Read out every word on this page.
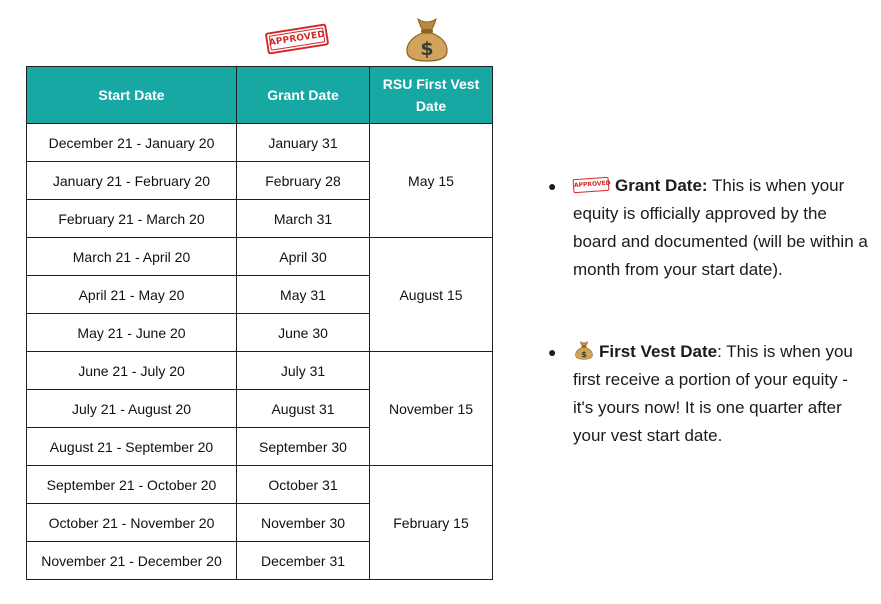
APPROVED	$
Start Date	Grant Date	RSU First Vest Date
December 21 - January 20	January 31	May 15
January 21 - February 20	February 28	
February 21 - March 20	March 31	
March 21 - April 20	April 30	August 15
April 21 - May 20	May 31	
May 21 - June 20	June 30	
June 21 - July 20	July 31	November 15
July 21 - August 20	August 31	
August 21 - September 20	September 30	
September 21 - October 20	October 31	February 15
October 21 - November 20	November 30	
November 21 - December 20	December 31	
●	APPROVED Grant Date: This is when your equity is officially approved by the board and documented (will be within a month from your start date).
● $ First Vest Date: This is when you first receive a portion of your equity - it's yours now! It is one quarter after your vest start date.
